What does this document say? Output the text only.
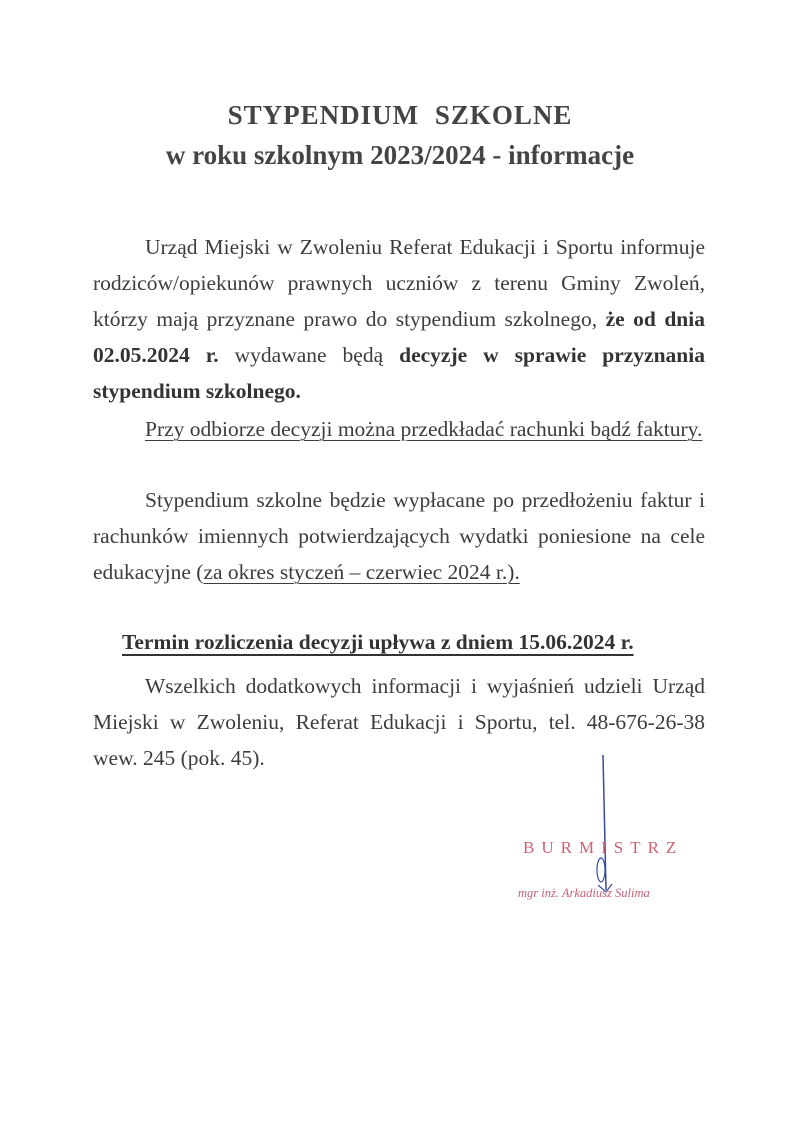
STYPENDIUM SZKOLNE
w roku szkolnym 2023/2024 - informacje
Urząd Miejski w Zwoleniu Referat Edukacji i Sportu informuje rodziców/opiekunów prawnych uczniów z terenu Gminy Zwoleń, którzy mają przyznane prawo do stypendium szkolnego, że od dnia 02.05.2024 r. wydawane będą decyzje w sprawie przyznania stypendium szkolnego.
Przy odbiorze decyzji można przedkładać rachunki bądź faktury.
Stypendium szkolne będzie wypłacane po przedłożeniu faktur i rachunków imiennych potwierdzających wydatki poniesione na cele edukacyjne (za okres styczeń – czerwiec 2024 r.).
Termin rozliczenia decyzji upływa z dniem 15.06.2024 r.
Wszelkich dodatkowych informacji i wyjaśnień udzieli Urząd Miejski w Zwoleniu, Referat Edukacji i Sportu, tel. 48-676-26-38 wew. 245 (pok. 45).
BURMISTRZ
mgr inż. Arkadiusz Sulima
